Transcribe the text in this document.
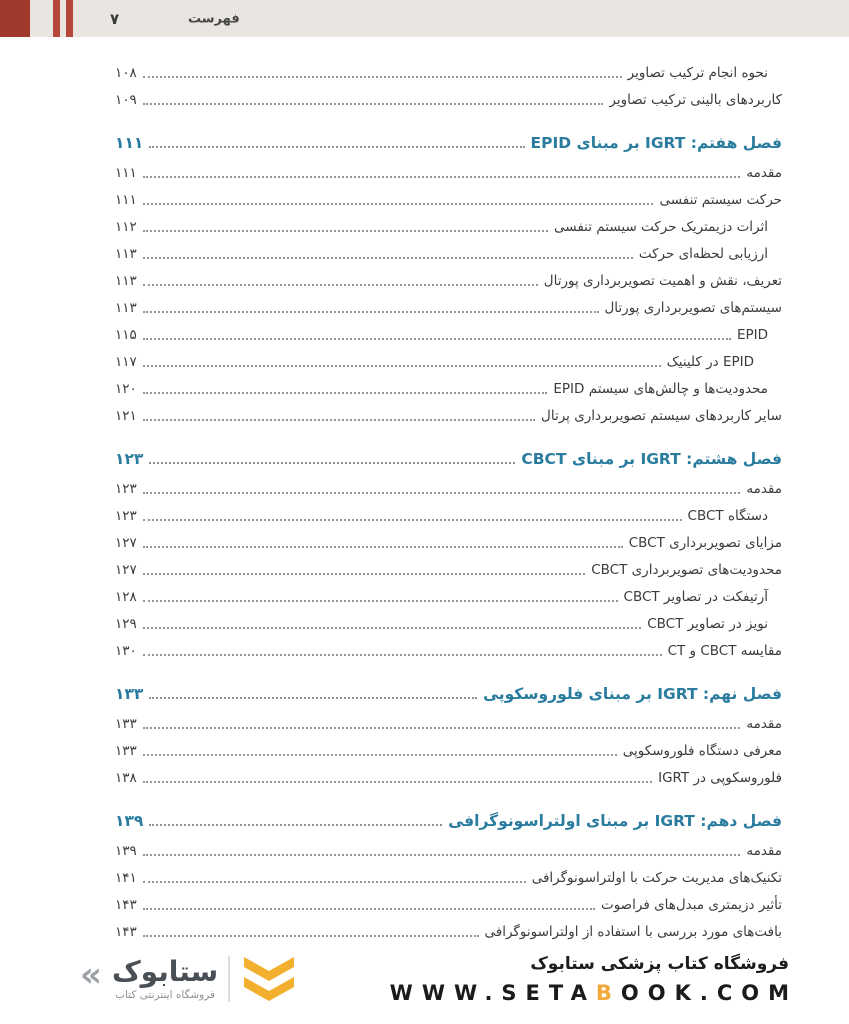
۷	فهرست
نحوه انجام ترکیب تصاویر
۱۰۸
کاربردهای بالینی ترکیب تصاویر
۱۰۹
فصل هفتم: IGRT بر مبنای EPID
۱۱۱
مقدمه
۱۱۱
حرکت سیستم تنفسی
۱۱۱
اثرات دزیمتریک حرکت سیستم تنفسی
۱۱۲
ارزیابی لحظه‌ای حرکت
۱۱۳
تعریف، نقش و اهمیت تصویربرداری پورتال
۱۱۳
سیستم‌های تصویربرداری پورتال
۱۱۳
EPID
۱۱۵
EPID در کلینیک
۱۱۷
محدودیت‌ها و چالش‌های سیستم EPID
۱۲۰
سایر کاربردهای سیستم تصویربرداری پرتال
۱۲۱
فصل هشتم: IGRT بر مبنای CBCT
۱۲۳
مقدمه
۱۲۳
دستگاه CBCT
۱۲۳
مزایای تصویربرداری CBCT
۱۲۷
محدودیت‌های تصویربرداری CBCT
۱۲۷
آرتیفکت در تصاویر CBCT
۱۲۸
نویز در تصاویر CBCT
۱۲۹
مقایسه CBCT و CT
۱۳۰
فصل نهم: IGRT بر مبنای فلوروسکوپی
۱۳۳
مقدمه
۱۳۳
معرفی دستگاه فلوروسکوپی
۱۳۳
فلوروسکوپی در IGRT
۱۳۸
فصل دهم: IGRT بر مبنای اولتراسونوگرافی
۱۳۹
مقدمه
۱۳۹
تکنیک‌های مدیریت حرکت با اولتراسونوگرافی
۱۴۱
تأثیر دزیمتری مبدل‌های فراصوت
۱۴۳
بافت‌های مورد بررسی با استفاده از اولتراسونوگرافی
۱۴۳
« ستابوک
فروشگاه اینترنتی کتاب
فروشگاه کتاب پزشکی ستابوک
WWW.SETABOOK.COM
